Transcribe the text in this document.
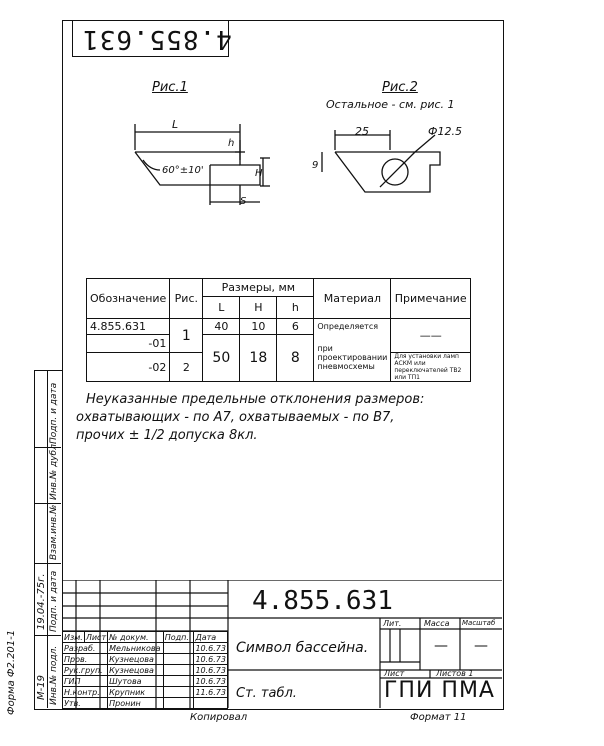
4.855.631
Рис.1
L
h
H
S
60°±10'
Рис.2
Остальное - см. рис. 1
25	Ф12.5
9
Обозначение	Рис.	Размеры, мм			Материал	Примечание
		L	H	h		
4.855.631	1	40	10	6	Определяется	——
-01		50	18	8	при проектировании пневмосхемы	
-02	2					Для установки ламп АСКМ или переключателей ТВ2 или ТП1
Неуказанные предельные отклонения размеров:
охватывающих - по А7, охватываемых - по В7,
прочих ± 1/2 допуска 8кл.
Подп. и дата
Инв.№ дубл.
Взам.инв.№
Подп. и дата
Инв.№ подл.
19.04.-75г.
М-19
Форма Ф2.201-1
4.855.631
Изм.	Лист	№ докум.	Подп.	Дата
Разраб.		Мельникова		10.6.73
Пров.		Кузнецова		10.6.73
Рук.груп.		Кузнецова		10.6.73
ГИП		Шутова		10.6.73
Н.контр.		Крупник		11.6.73
Утв.		Пронин		
Символ бассейна.
Ст. табл.	ГПИ ПМА
Лит.	Масса Масштаб
— —
Лист	Листов 1
Копировал	Формат 11
